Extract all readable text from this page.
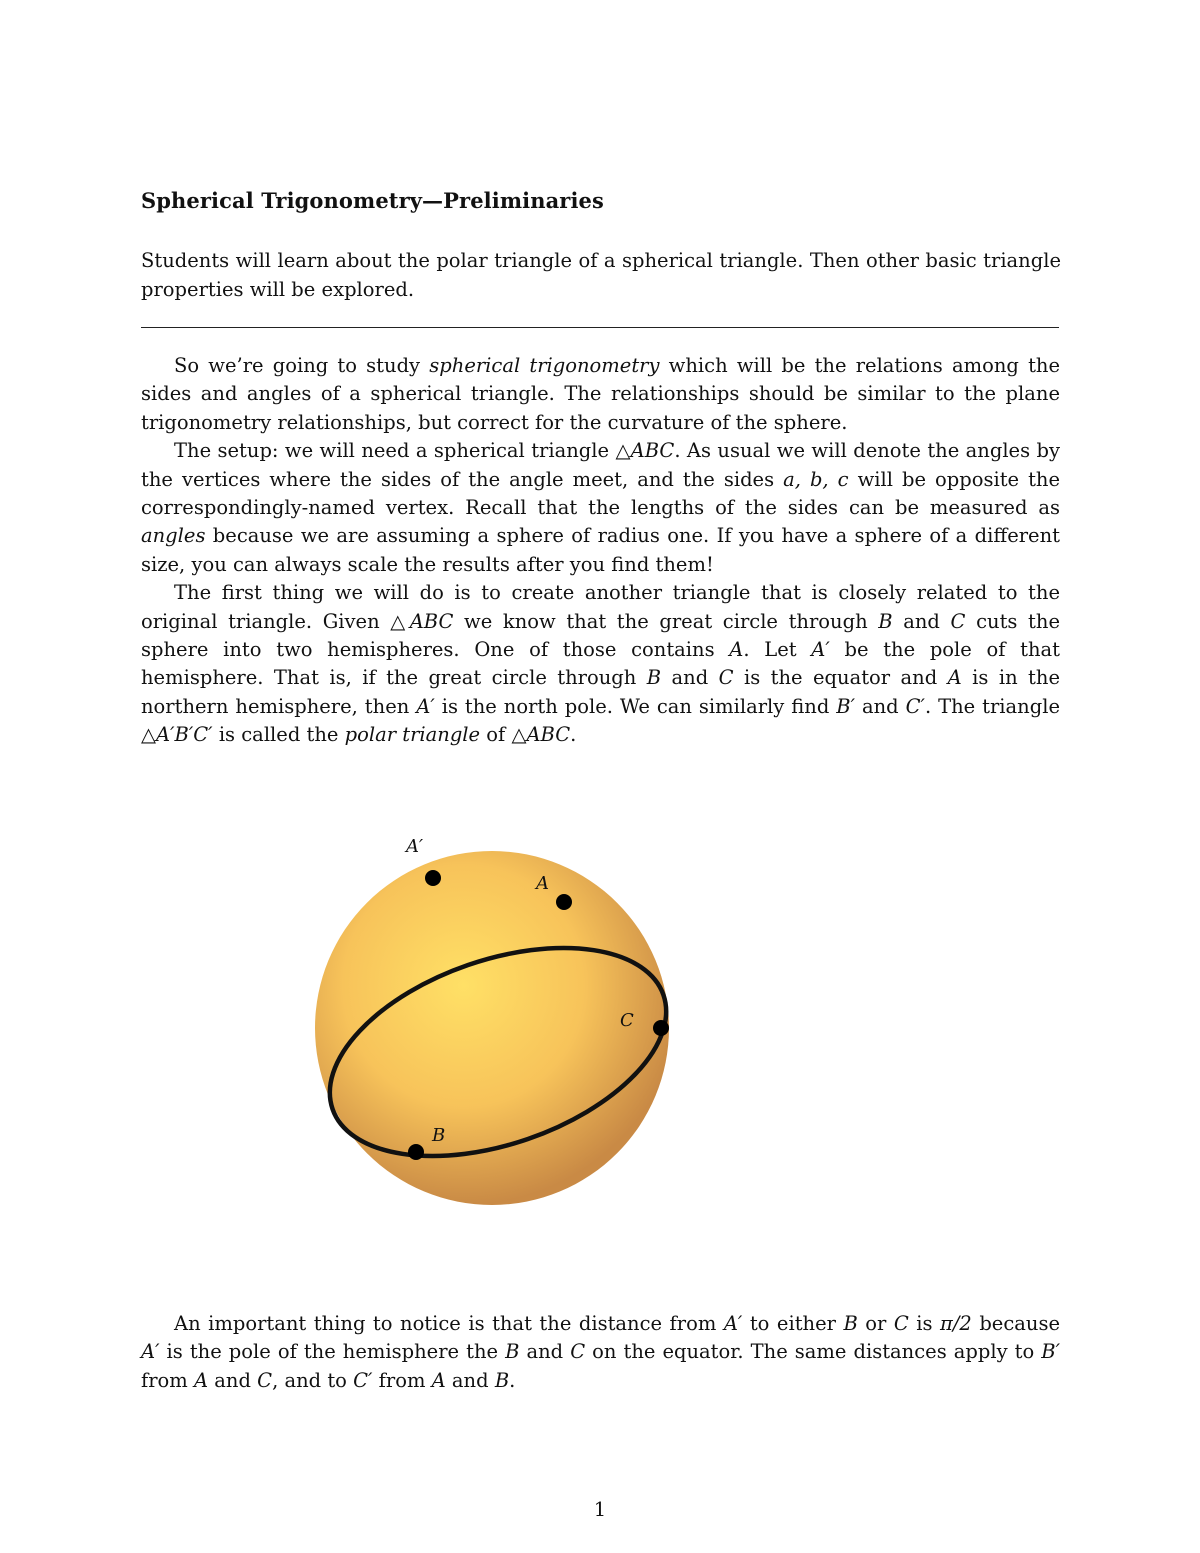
Spherical Trigonometry—Preliminaries
Students will learn about the polar triangle of a spherical triangle. Then other basic triangle properties will be explored.

So we’re going to study spherical trigonometry which will be the relations among the sides and angles of a spherical triangle. The relationships should be similar to the plane trigonometry relationships, but correct for the curvature of the sphere.

The setup: we will need a spherical triangle △ABC. As usual we will denote the angles by the vertices where the sides of the angle meet, and the sides a, b, c will be opposite the correspondingly-named vertex. Recall that the lengths of the sides can be measured as angles because we are assuming a sphere of radius one. If you have a sphere of a different size, you can always scale the results after you find them!

The first thing we will do is to create another triangle that is closely related to the original triangle. Given △ABC we know that the great circle through B and C cuts the sphere into two hemispheres. One of those contains A. Let A′ be the pole of that hemisphere. That is, if the great circle through B and C is the equator and A is in the northern hemisphere, then A′ is the north pole. We can similarly find B′ and C′. The triangle △A′B′C′ is called the polar triangle of △ABC.

A′
A
C
B

An important thing to notice is that the distance from A′ to either B or C is π/2 because A′ is the pole of the hemisphere the B and C on the equator. The same distances apply to B′ from A and C, and to C′ from A and B.

1
